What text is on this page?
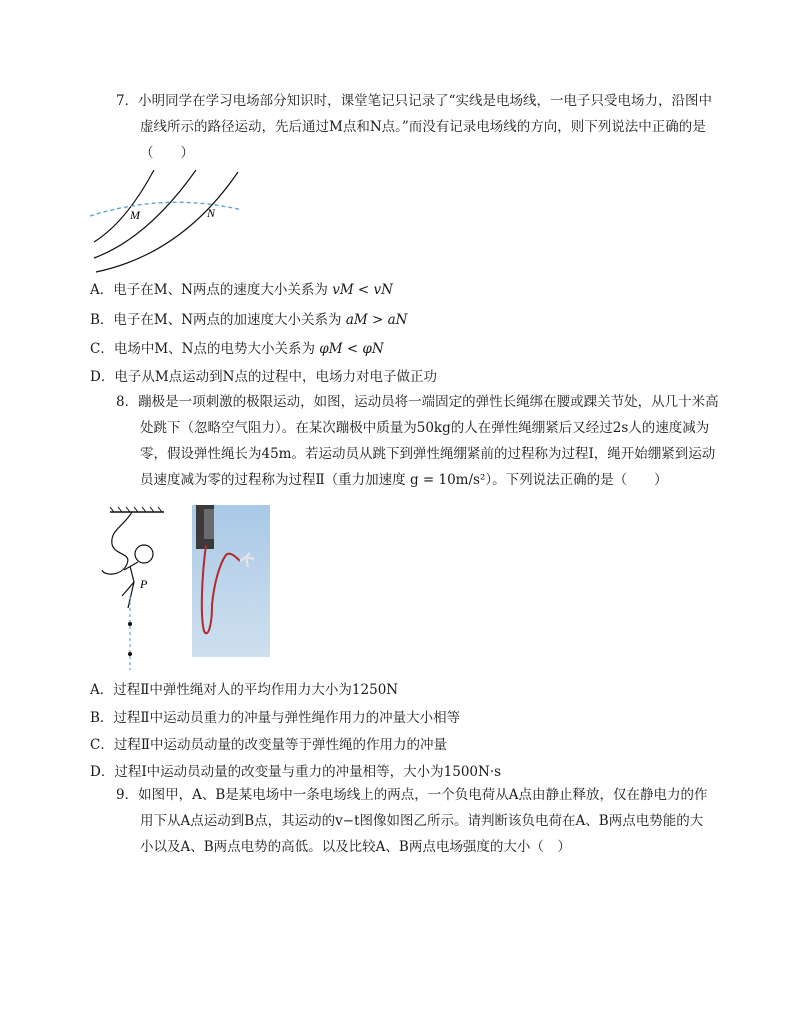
7．小明同学在学习电场部分知识时，课堂笔记只记录了“实线是电场线，一电子只受电场力，沿图中

虚线所示的路径运动，先后通过M点和N点。”而没有记录电场线的方向，则下列说法中正确的是

（　　）

M	N
A．电子在M、N两点的速度大小关系为 vM < vN
B．电子在M、N两点的加速度大小关系为 aM > aN
C．电场中M、N点的电势大小关系为 φM < φN
D．电子从M点运动到N点的过程中，电场力对电子做正功

8．蹦极是一项刺激的极限运动，如图，运动员将一端固定的弹性长绳绑在腰或踝关节处，从几十米高

处跳下（忽略空气阻力）。在某次蹦极中质量为50kg的人在弹性绳绷紧后又经过2s人的速度减为

零，假设弹性绳长为45m。若运动员从跳下到弹性绳绷紧前的过程称为过程Ⅰ，绳开始绷紧到运动

员速度减为零的过程称为过程Ⅱ（重力加速度 g = 10m/s²）。下列说法正确的是（　　）

P
A．过程Ⅱ中弹性绳对人的平均作用力大小为1250N
B．过程Ⅱ中运动员重力的冲量与弹性绳作用力的冲量大小相等
C．过程Ⅱ中运动员动量的改变量等于弹性绳的作用力的冲量
D．过程Ⅰ中运动员动量的改变量与重力的冲量相等，大小为1500N·s

9．如图甲，A、B是某电场中一条电场线上的两点，一个负电荷从A点由静止释放，仅在静电力的作

用下从A点运动到B点，其运动的v−t图像如图乙所示。请判断该负电荷在A、B两点电势能的大

小以及A、B两点电势的高低。以及比较A、B两点电场强度的大小（　）
